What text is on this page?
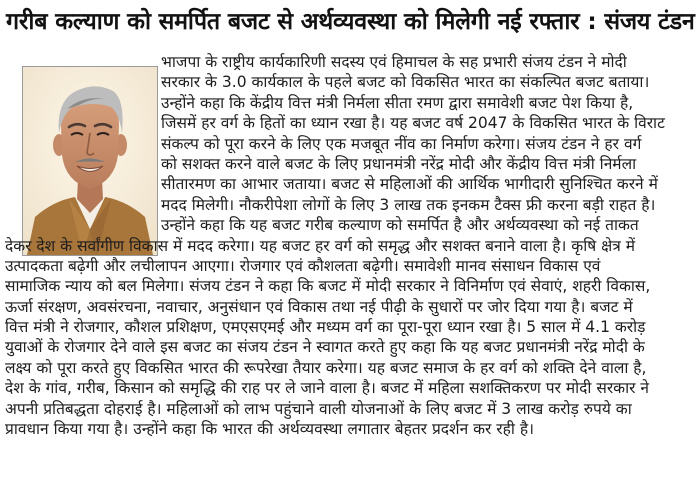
गरीब कल्याण को समर्पित बजट से अर्थव्यवस्था को मिलेगी नई रफ्तार : संजय टंडन
भाजपा के राष्ट्रीय कार्यकारिणी सदस्य एवं हिमाचल के सह प्रभारी संजय टंडन ने मोदी
सरकार के 3.0 कार्यकाल के पहले बजट को विकसित भारत का संकल्पित बजट बताया।
उन्होंने कहा कि केंद्रीय वित्त मंत्री निर्मला सीता रमण द्वारा समावेशी बजट पेश किया है,
जिसमें हर वर्ग के हितों का ध्यान रखा है। यह बजट वर्ष 2047 के विकसित भारत के विराट
संकल्प को पूरा करने के लिए एक मजबूत नींव का निर्माण करेगा। संजय टंडन ने हर वर्ग
को सशक्त करने वाले बजट के लिए प्रधानमंत्री नरेंद्र मोदी और केंद्रीय वित्त मंत्री निर्मला
सीतारमण का आभार जताया। बजट से महिलाओं की आर्थिक भागीदारी सुनिश्चित करने में
मदद मिलेगी। नौकरीपेशा लोगों के लिए 3 लाख तक इनकम टैक्स फ्री करना बड़ी राहत है।
उन्होंने कहा कि यह बजट गरीब कल्याण को समर्पित है और अर्थव्यवस्था को नई ताकत
देकर देश के सर्वांगीण विकास में मदद करेगा। यह बजट हर वर्ग को समृद्ध और सशक्त बनाने वाला है। कृषि क्षेत्र में
उत्पादकता बढ़ेगी और लचीलापन आएगा। रोजगार एवं कौशलता बढ़ेगी। समावेशी मानव संसाधन विकास एवं
सामाजिक न्याय को बल मिलेगा। संजय टंडन ने कहा कि बजट में मोदी सरकार ने विनिर्माण एवं सेवाएं, शहरी विकास,
ऊर्जा संरक्षण, अवसंरचना, नवाचार, अनुसंधान एवं विकास तथा नई पीढ़ी के सुधारों पर जोर दिया गया है। बजट में
वित्त मंत्री ने रोजगार, कौशल प्रशिक्षण, एमएसएमई और मध्यम वर्ग का पूरा-पूरा ध्यान रखा है। 5 साल में 4.1 करोड़
युवाओं के रोजगार देने वाले इस बजट का संजय टंडन ने स्वागत करते हुए कहा कि यह बजट प्रधानमंत्री नरेंद्र मोदी के
लक्ष्य को पूरा करते हुए विकसित भारत की रूपरेखा तैयार करेगा। यह बजट समाज के हर वर्ग को शक्ति देने वाला है,
देश के गांव, गरीब, किसान को समृद्धि की राह पर ले जाने वाला है। बजट में महिला सशक्तिकरण पर मोदी सरकार ने
अपनी प्रतिबद्धता दोहराई है। महिलाओं को लाभ पहुंचाने वाली योजनाओं के लिए बजट में 3 लाख करोड़ रुपये का
प्रावधान किया गया है। उन्होंने कहा कि भारत की अर्थव्यवस्था लगातार बेहतर प्रदर्शन कर रही है।
